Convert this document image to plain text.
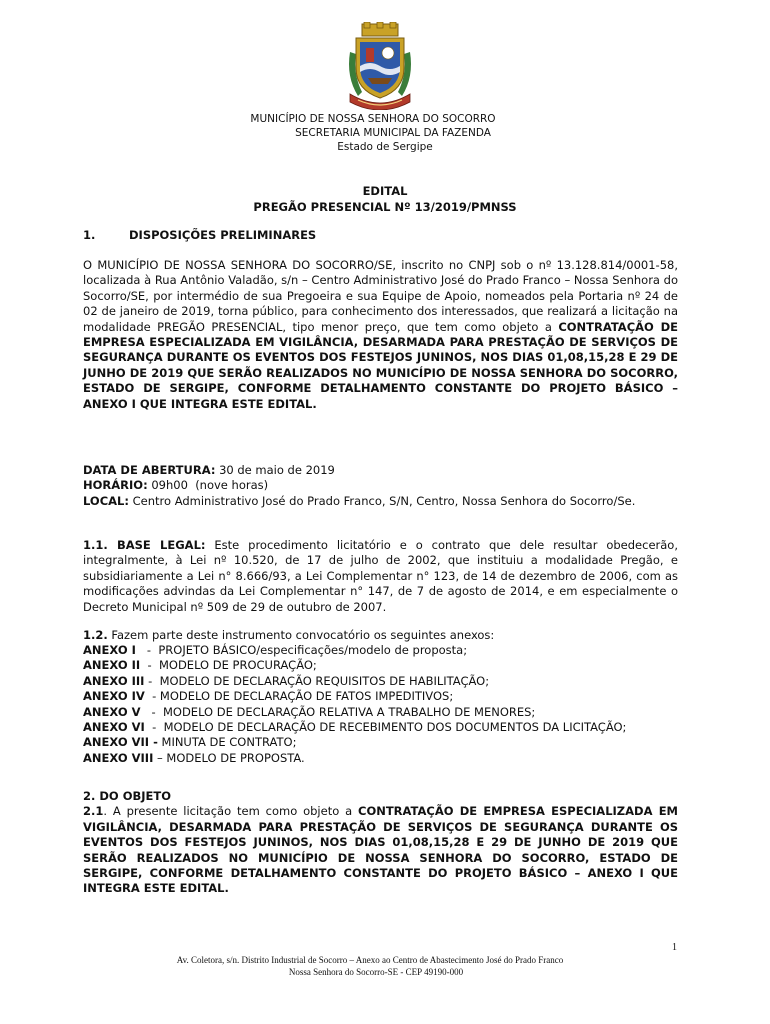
MUNICÍPIO DE NOSSA SENHORA DO SOCORRO
SECRETARIA MUNICIPAL DA FAZENDA
Estado de Sergipe
EDITAL
PREGÃO PRESENCIAL Nº 13/2019/PMNSS
1.	DISPOSIÇÕES PRELIMINARES
O MUNICÍPIO DE NOSSA SENHORA DO SOCORRO/SE, inscrito no CNPJ sob o nº 13.128.814/0001-58, localizada à Rua Antônio Valadão, s/n – Centro Administrativo José do Prado Franco – Nossa Senhora do Socorro/SE, por intermédio de sua Pregoeira e sua Equipe de Apoio, nomeados pela Portaria nº 24 de 02 de janeiro de 2019, torna público, para conhecimento dos interessados, que realizará a licitação na modalidade PREGÃO PRESENCIAL, tipo menor preço, que tem como objeto a CONTRATAÇÃO DE EMPRESA ESPECIALIZADA EM VIGILÂNCIA, DESARMADA PARA PRESTAÇÃO DE SERVIÇOS DE SEGURANÇA DURANTE OS EVENTOS DOS FESTEJOS JUNINOS, NOS DIAS 01,08,15,28 E 29 DE JUNHO DE 2019 QUE SERÃO REALIZADOS NO MUNICÍPIO DE NOSSA SENHORA DO SOCORRO, ESTADO DE SERGIPE, CONFORME DETALHAMENTO CONSTANTE DO PROJETO BÁSICO – ANEXO I QUE INTEGRA ESTE EDITAL.
DATA DE ABERTURA: 30 de maio de 2019
HORÁRIO: 09h00  (nove horas)
LOCAL: Centro Administrativo José do Prado Franco, S/N, Centro, Nossa Senhora do Socorro/Se.
1.1. BASE LEGAL: Este procedimento licitatório e o contrato que dele resultar obedecerão, integralmente, à Lei nº 10.520, de 17 de julho de 2002, que instituiu a modalidade Pregão, e subsidiariamente a Lei n° 8.666/93, a Lei Complementar n° 123, de 14 de dezembro de 2006, com as modificações advindas da Lei Complementar n° 147, de 7 de agosto de 2014, e em especialmente o Decreto Municipal nº 509 de 29 de outubro de 2007.
1.2. Fazem parte deste instrumento convocatório os seguintes anexos:
ANEXO I   -  PROJETO BÁSICO/especificações/modelo de proposta;
ANEXO II  -  MODELO DE PROCURAÇÃO;
ANEXO III -  MODELO DE DECLARAÇÃO REQUISITOS DE HABILITAÇÃO;
ANEXO IV  - MODELO DE DECLARAÇÃO DE FATOS IMPEDITIVOS;
ANEXO V   -  MODELO DE DECLARAÇÃO RELATIVA A TRABALHO DE MENORES;
ANEXO VI  -  MODELO DE DECLARAÇÃO DE RECEBIMENTO DOS DOCUMENTOS DA LICITAÇÃO;
ANEXO VII - MINUTA DE CONTRATO;
ANEXO VIII – MODELO DE PROPOSTA.
2. DO OBJETO
2.1. A presente licitação tem como objeto a CONTRATAÇÃO DE EMPRESA ESPECIALIZADA EM VIGILÂNCIA, DESARMADA PARA PRESTAÇÃO DE SERVIÇOS DE SEGURANÇA DURANTE OS EVENTOS DOS FESTEJOS JUNINOS, NOS DIAS 01,08,15,28 E 29 DE JUNHO DE 2019 QUE SERÃO REALIZADOS NO MUNICÍPIO DE NOSSA SENHORA DO SOCORRO, ESTADO DE SERGIPE, CONFORME DETALHAMENTO CONSTANTE DO PROJETO BÁSICO – ANEXO I QUE INTEGRA ESTE EDITAL.
1
Av. Coletora, s/n. Distrito Industrial de Socorro – Anexo ao Centro de Abastecimento José do Prado Franco
Nossa Senhora do Socorro-SE - CEP 49190-000
